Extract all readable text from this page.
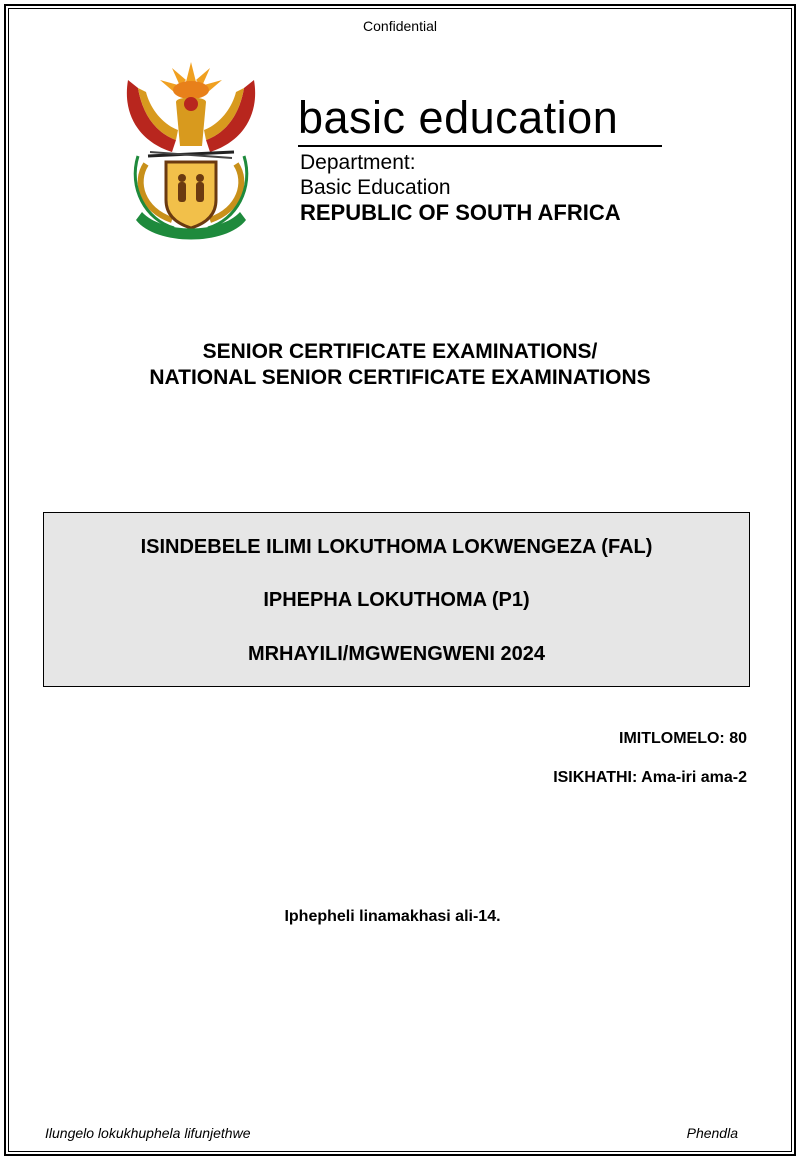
Confidential
basic education
Department:
Basic Education
REPUBLIC OF SOUTH AFRICA
SENIOR CERTIFICATE EXAMINATIONS/
NATIONAL SENIOR CERTIFICATE EXAMINATIONS
ISINDEBELE ILIMI LOKUTHOMA LOKWENGEZA (FAL)
IPHEPHA LOKUTHOMA (P1)
MRHAYILI/MGWENGWENI 2024
IMITLOMELO: 80
ISIKHATHI: Ama-iri ama-2
Iphepheli linamakhasi ali-14.
Ilungelo lokukhuphela lifunjethwe	Phendla
